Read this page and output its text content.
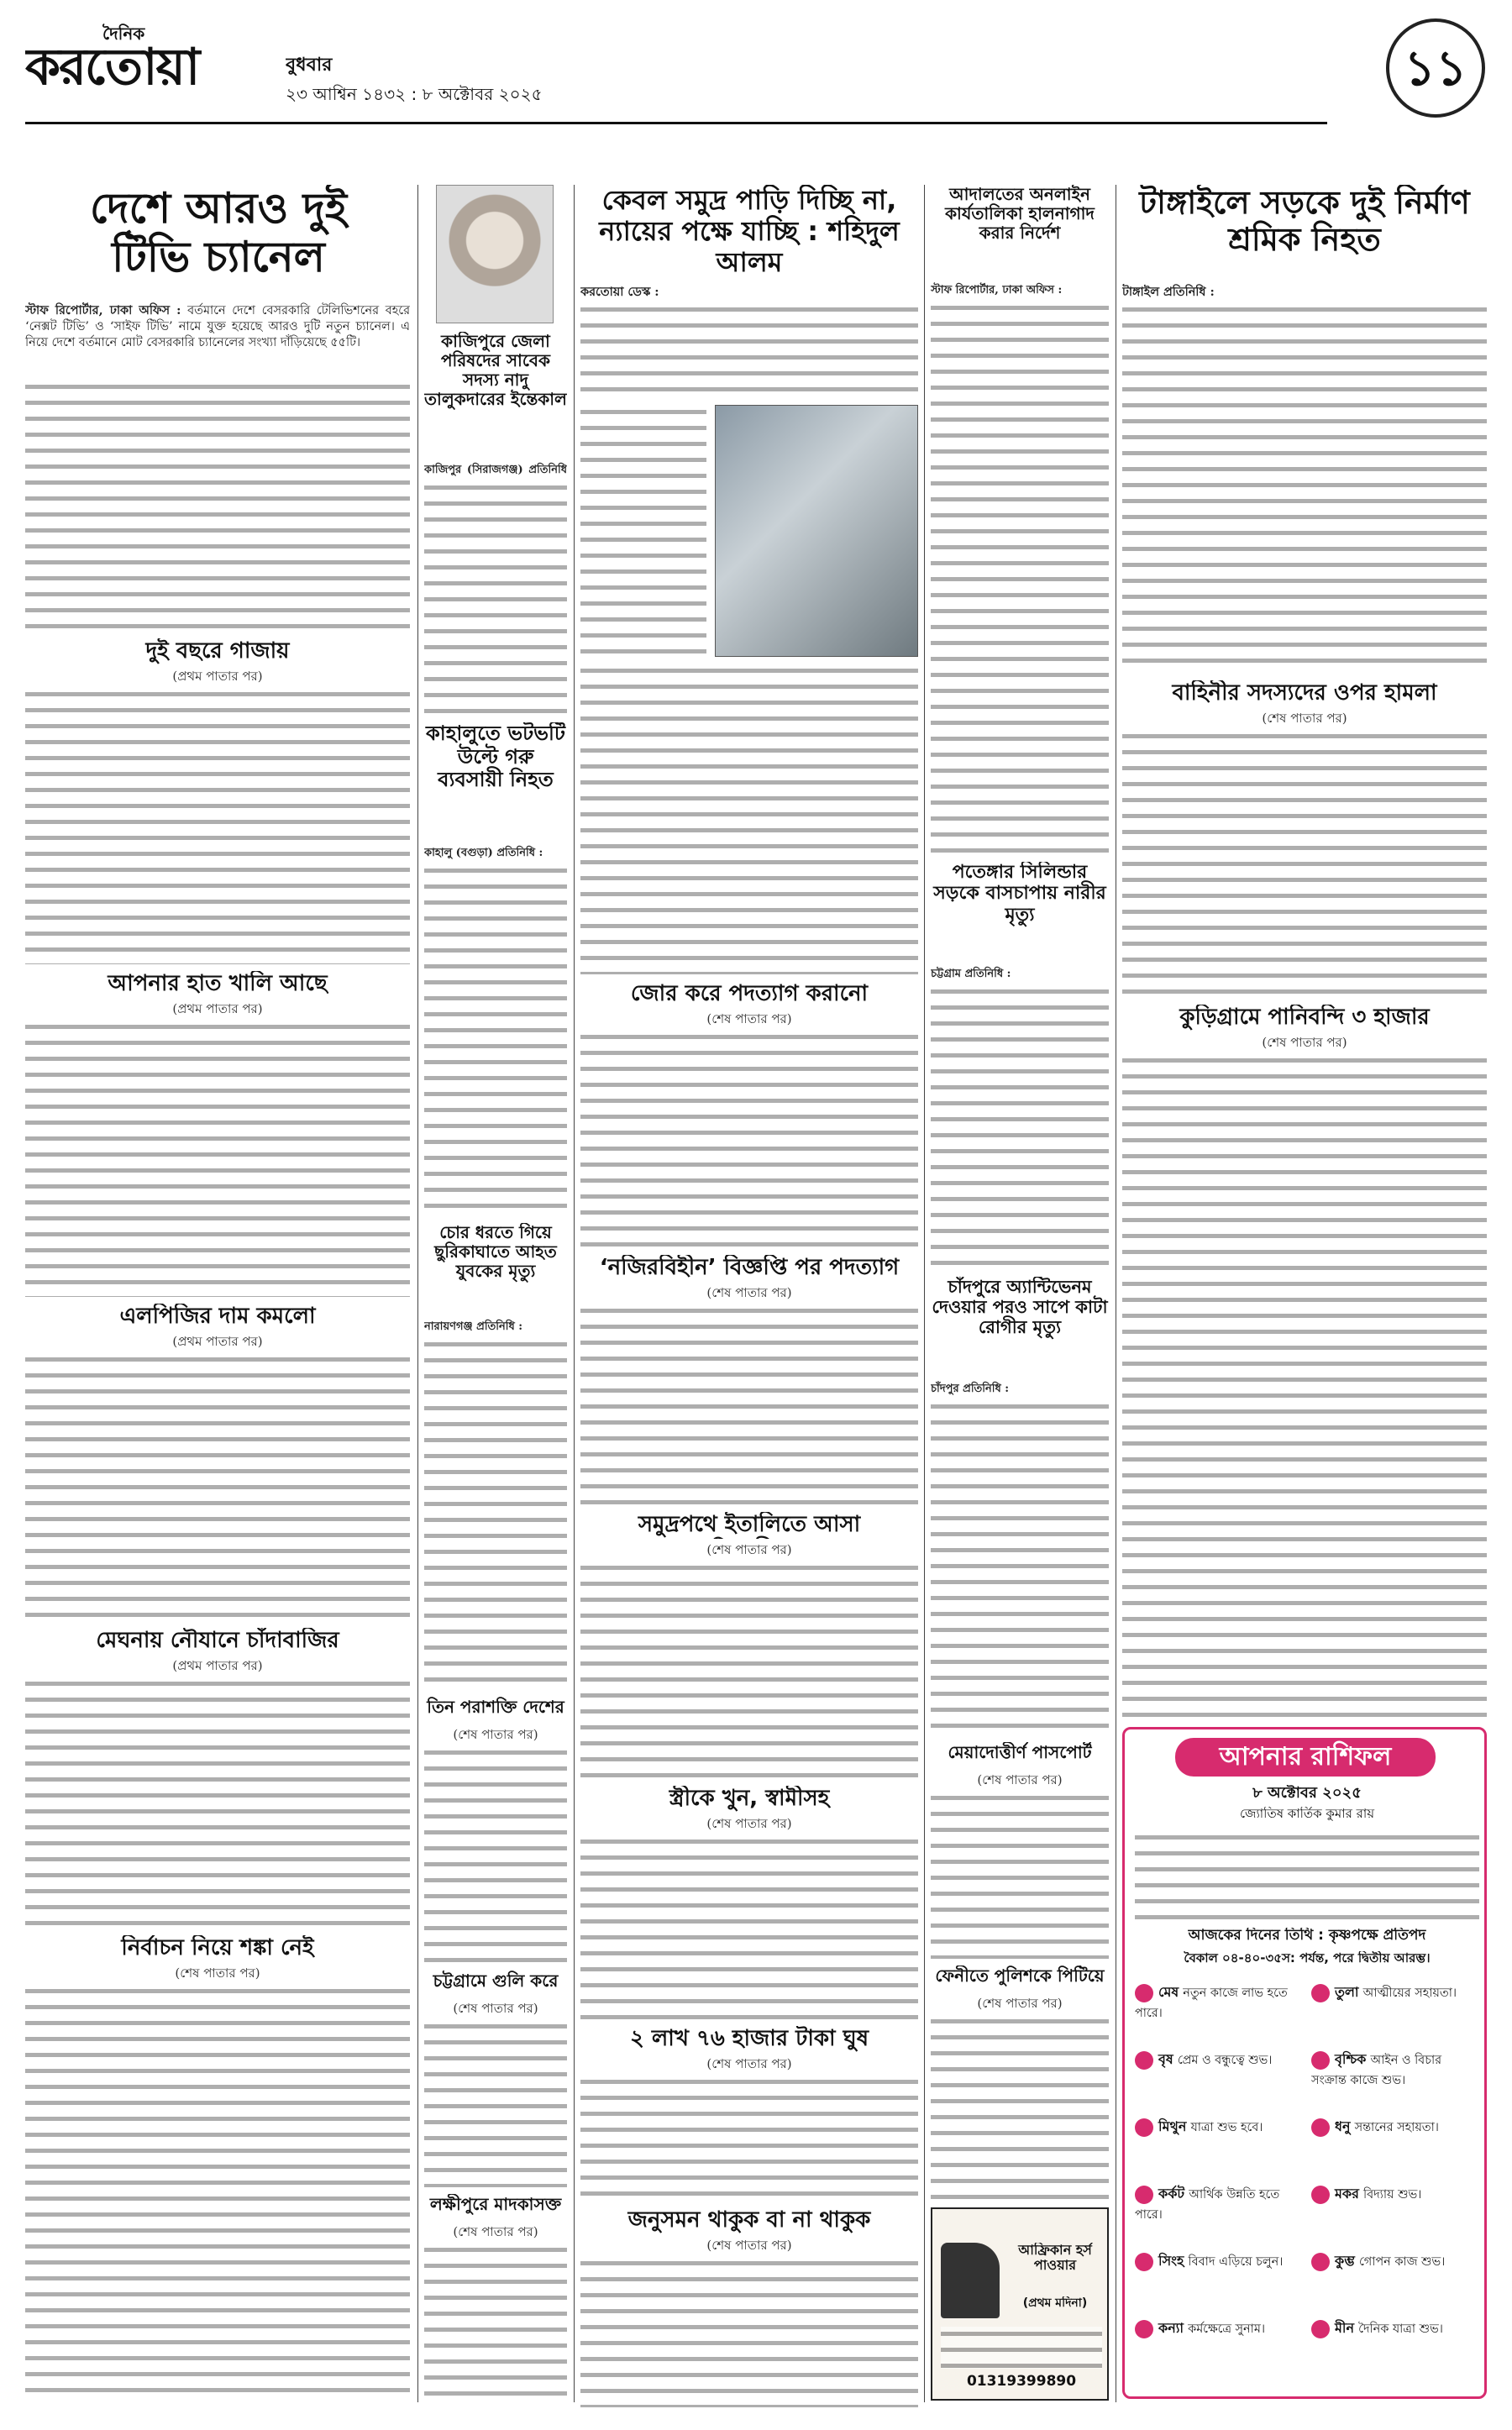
দৈনিক
করতোয়া	বুধবার
২৩ আশ্বিন ১৪৩২ : ৮ অক্টোবর ২০২৫	১১
দেশে আরও দুই টিভি চ্যানেল
স্টাফ রিপোর্টার, ঢাকা অফিস : বর্তমানে দেশে বেসরকারি টেলিভিশনের বহরে ‘নেক্সট টিভি’ ও ‘সাইফ টিভি’ নামে যুক্ত হয়েছে আরও দুটি নতুন চ্যানেল। এ নিয়ে দেশে বর্তমানে মোট বেসরকারি চ্যানেলের সংখ্যা দাঁড়িয়েছে ৫৫টি।
দুই বছরে গাজায়
(প্রথম পাতার পর)
আপনার হাত খালি আছে
(প্রথম পাতার পর)
এলপিজির দাম কমলো
(প্রথম পাতার পর)
মেঘনায় নৌযানে চাঁদাবাজির
(প্রথম পাতার পর)
নির্বাচন নিয়ে শঙ্কা নেই
(শেষ পাতার পর)
কাজিপুরে জেলা পরিষদের সাবেক সদস্য নাদু তালুকদারের ইন্তেকাল
কাজিপুর (সিরাজগঞ্জ) প্রতিনিধি
কাহালুতে ভটভটি উল্টে গরু ব্যবসায়ী নিহত
কাহালু (বগুড়া) প্রতিনিধি :
চোর ধরতে গিয়ে ছুরিকাঘাতে আহত যুবকের মৃত্যু
নারায়ণগঞ্জ প্রতিনিধি :
তিন পরাশক্তি দেশের
(শেষ পাতার পর)
চট্টগ্রামে গুলি করে
(শেষ পাতার পর)
লক্ষীপুরে মাদকাসক্ত
(শেষ পাতার পর)
কেবল সমুদ্র পাড়ি দিচ্ছি না, ন্যায়ের পক্ষে যাচ্ছি : শহিদুল আলম
করতোয়া ডেস্ক :
জোর করে পদত্যাগ করানো
(শেষ পাতার পর)
‘নজিরবিহীন’ বিজ্ঞপ্তি পর পদত্যাগ
(শেষ পাতার পর)
সমুদ্রপথে ইতালিতে আসা
(শেষ পাতার পর)
স্ত্রীকে খুন, স্বামীসহ
(শেষ পাতার পর)
২ লাখ ৭৬ হাজার টাকা ঘুষ
(শেষ পাতার পর)
জনুসমন থাকুক বা না থাকুক
(শেষ পাতার পর)
আদালতের অনলাইন কার্যতালিকা হালনাগাদ করার নির্দেশ
স্টাফ রিপোর্টার, ঢাকা অফিস :
পতেঙ্গার সিলিন্ডার সড়কে বাসচাপায় নারীর মৃত্যু
চট্টগ্রাম প্রতিনিধি :
চাঁদপুরে অ্যান্টিভেনম দেওয়ার পরও সাপে কাটা রোগীর মৃত্যু
চাঁদপুর প্রতিনিধি :
মেয়াদোত্তীর্ণ পাসপোর্ট
(শেষ পাতার পর)
ফেনীতে পুলিশকে পিটিয়ে
(শেষ পাতার পর)
আফ্রিকান হর্স পাওয়ার
(প্রথম মদিনা)
01319399890
টাঙ্গাইলে সড়কে দুই নির্মাণ শ্রমিক নিহত
টাঙ্গাইল প্রতিনিধি :
বাহিনীর সদস্যদের ওপর হামলা
(শেষ পাতার পর)
কুড়িগ্রামে পানিবন্দি ৩ হাজার
(শেষ পাতার পর)
আপনার রাশিফল
৮ অক্টোবর ২০২৫
জ্যোতিষ কার্তিক কুমার রায়
আজকের দিনের তিথি : কৃষ্ণপক্ষে প্রতিপদ
বৈকাল ০৪-৪০-৩৫স: পর্যন্ত, পরে দ্বিতীয় আরম্ভ।
মেষ নতুন কাজে লাভ হতে পারে।
বৃষ প্রেম ও বন্ধুত্বে শুভ।
মিথুন যাত্রা শুভ হবে।
কর্কট আর্থিক উন্নতি হতে পারে।
সিংহ বিবাদ এড়িয়ে চলুন।
কন্যা কর্মক্ষেত্রে সুনাম।
তুলা আত্মীয়ের সহায়তা।
বৃশ্চিক আইন ও বিচার সংক্রান্ত কাজে শুভ।
ধনু সন্তানের সহায়তা।
মকর বিদ্যায় শুভ।
কুম্ভ গোপন কাজ শুভ।
মীন দৈনিক যাত্রা শুভ।
